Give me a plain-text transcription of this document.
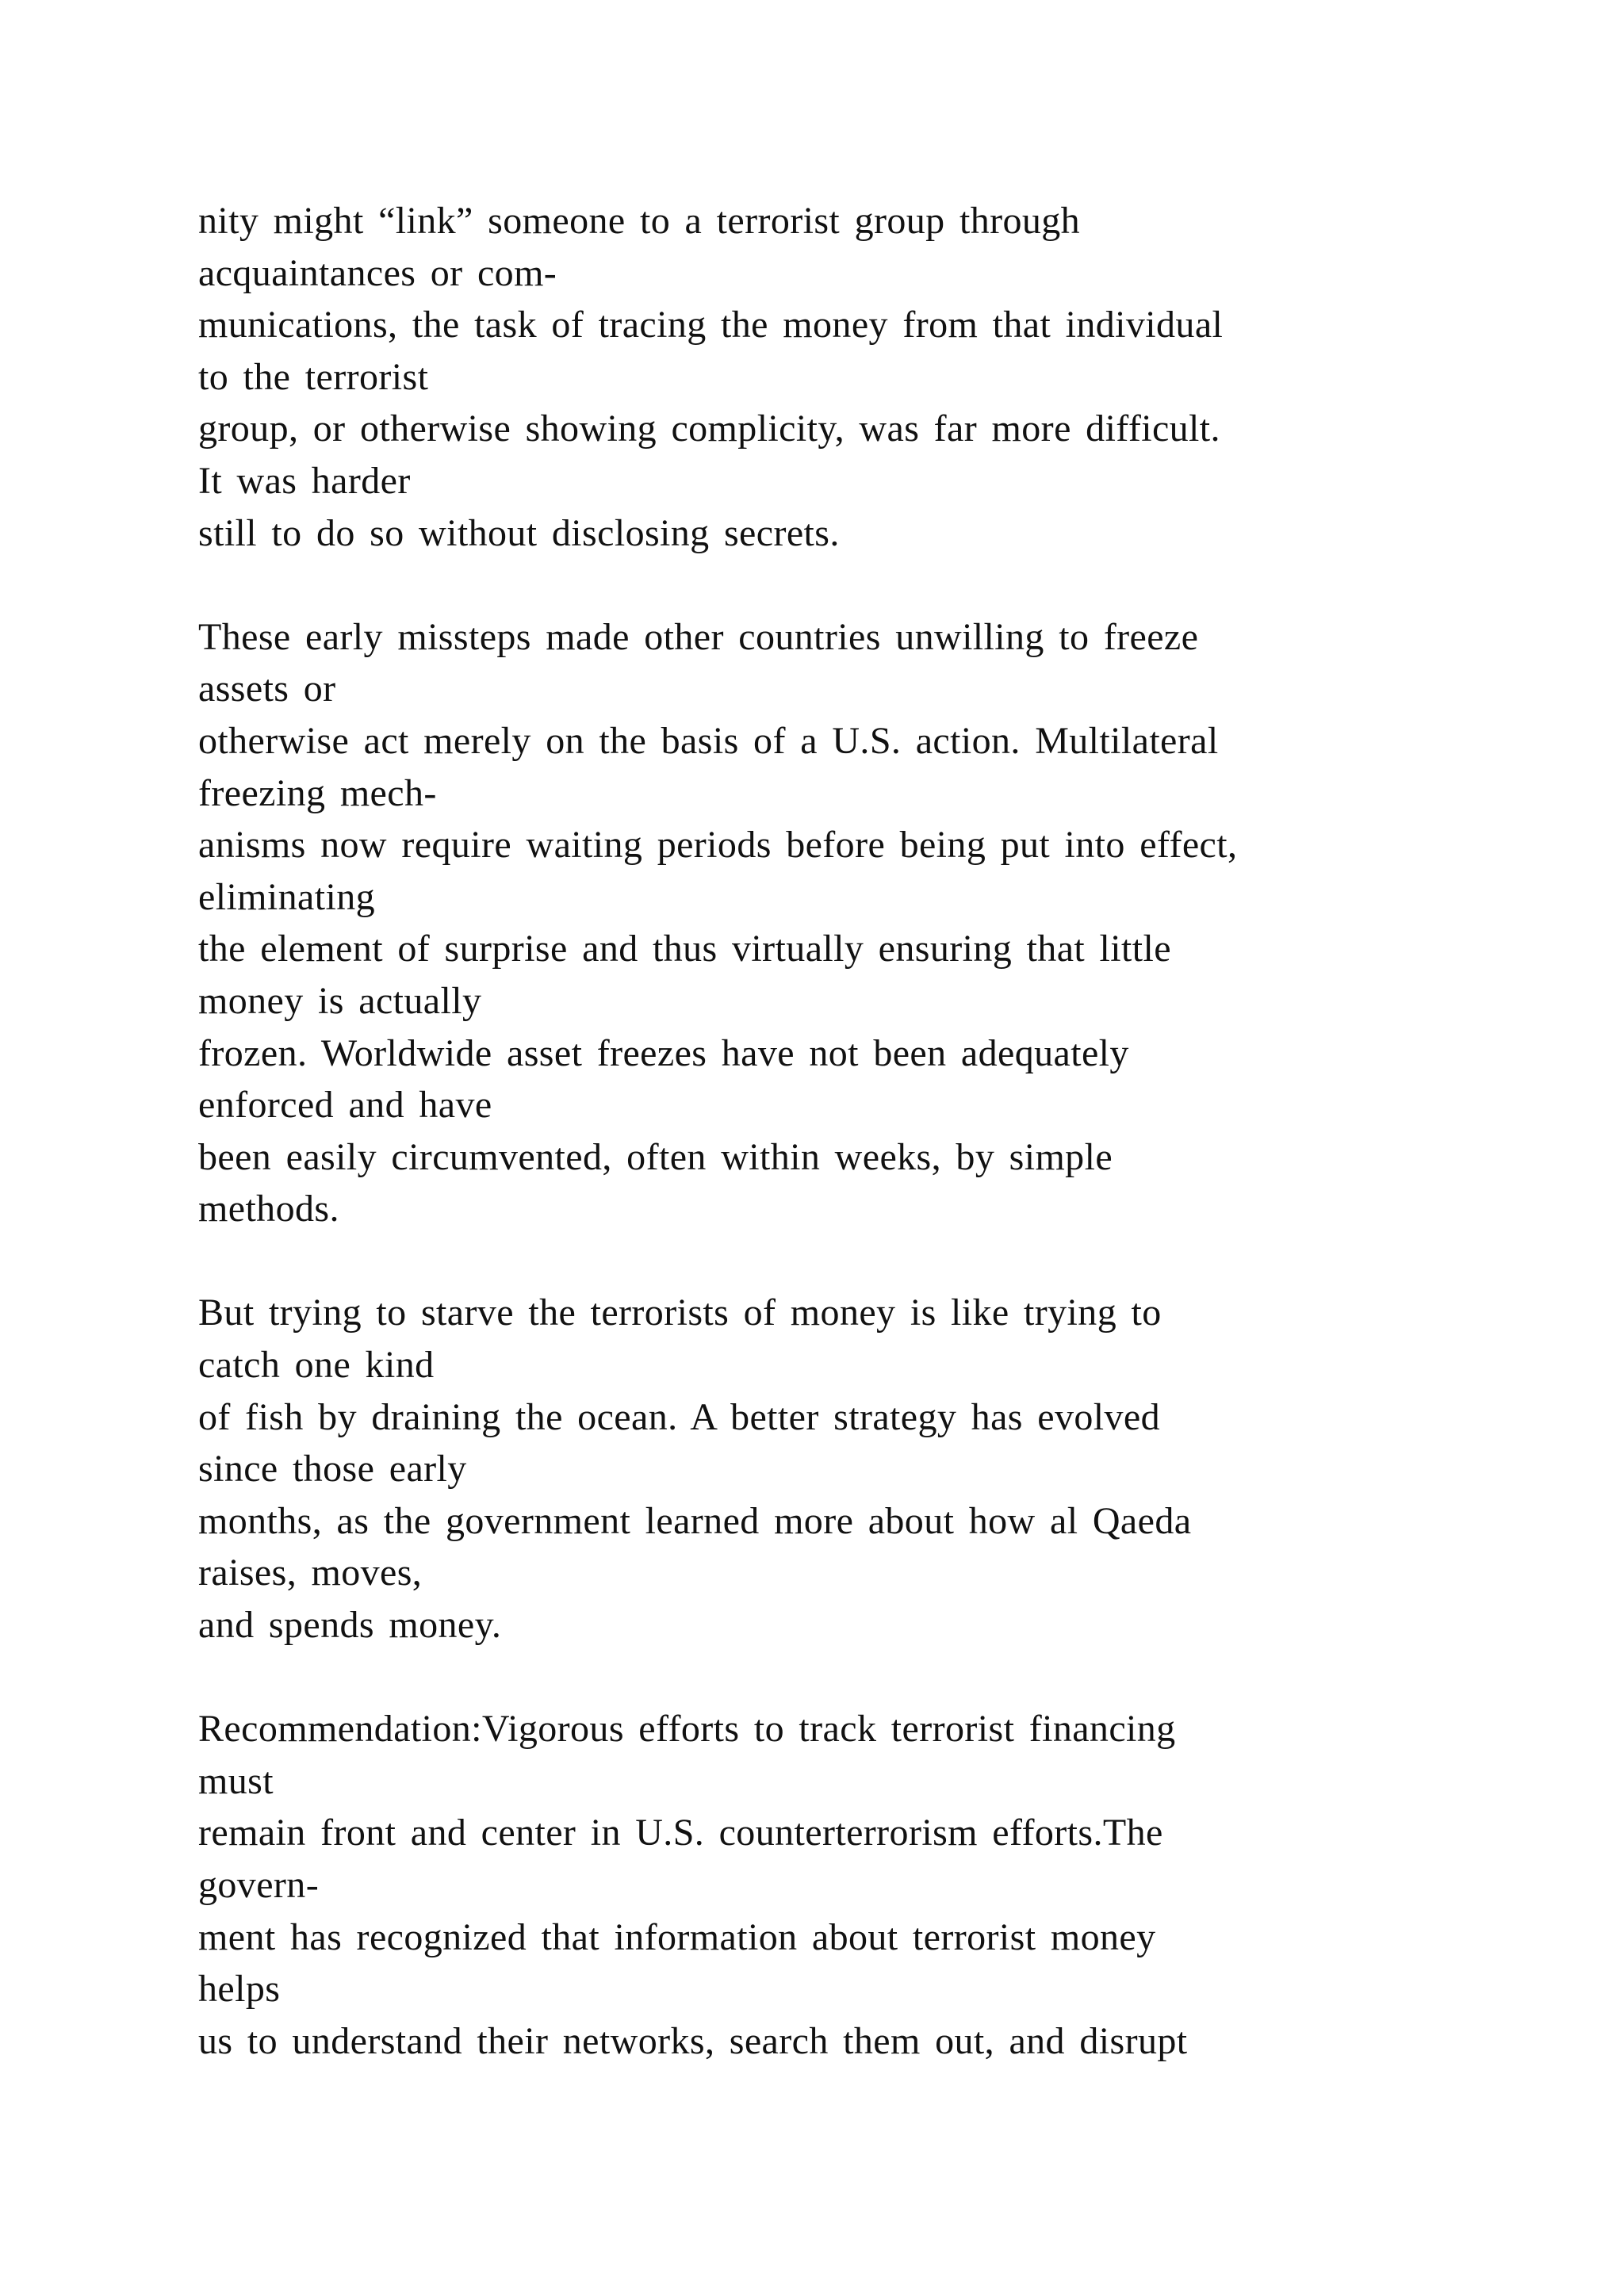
nity might “link” someone to a terrorist group through
acquaintances or com-
munications, the task of tracing the money from that individual
to the terrorist
group, or otherwise showing complicity, was far more difficult.
It was harder
still to do so without disclosing secrets.
These early missteps made other countries unwilling to freeze
assets or
otherwise act merely on the basis of a U.S. action. Multilateral
freezing mech-
anisms now require waiting periods before being put into effect,
eliminating
the element of surprise and thus virtually ensuring that little
money is actually
frozen. Worldwide asset freezes have not been adequately
enforced and have
been easily circumvented, often within weeks, by simple
methods.
But trying to starve the terrorists of money is like trying to
catch one kind
of fish by draining the ocean. A better strategy has evolved
since those early
months, as the government learned more about how al Qaeda
raises, moves,
and spends money.
Recommendation:Vigorous efforts to track terrorist financing
must
remain front and center in U.S. counterterrorism efforts.The
govern-
ment has recognized that information about terrorist money
helps
us to understand their networks, search them out, and disrupt
